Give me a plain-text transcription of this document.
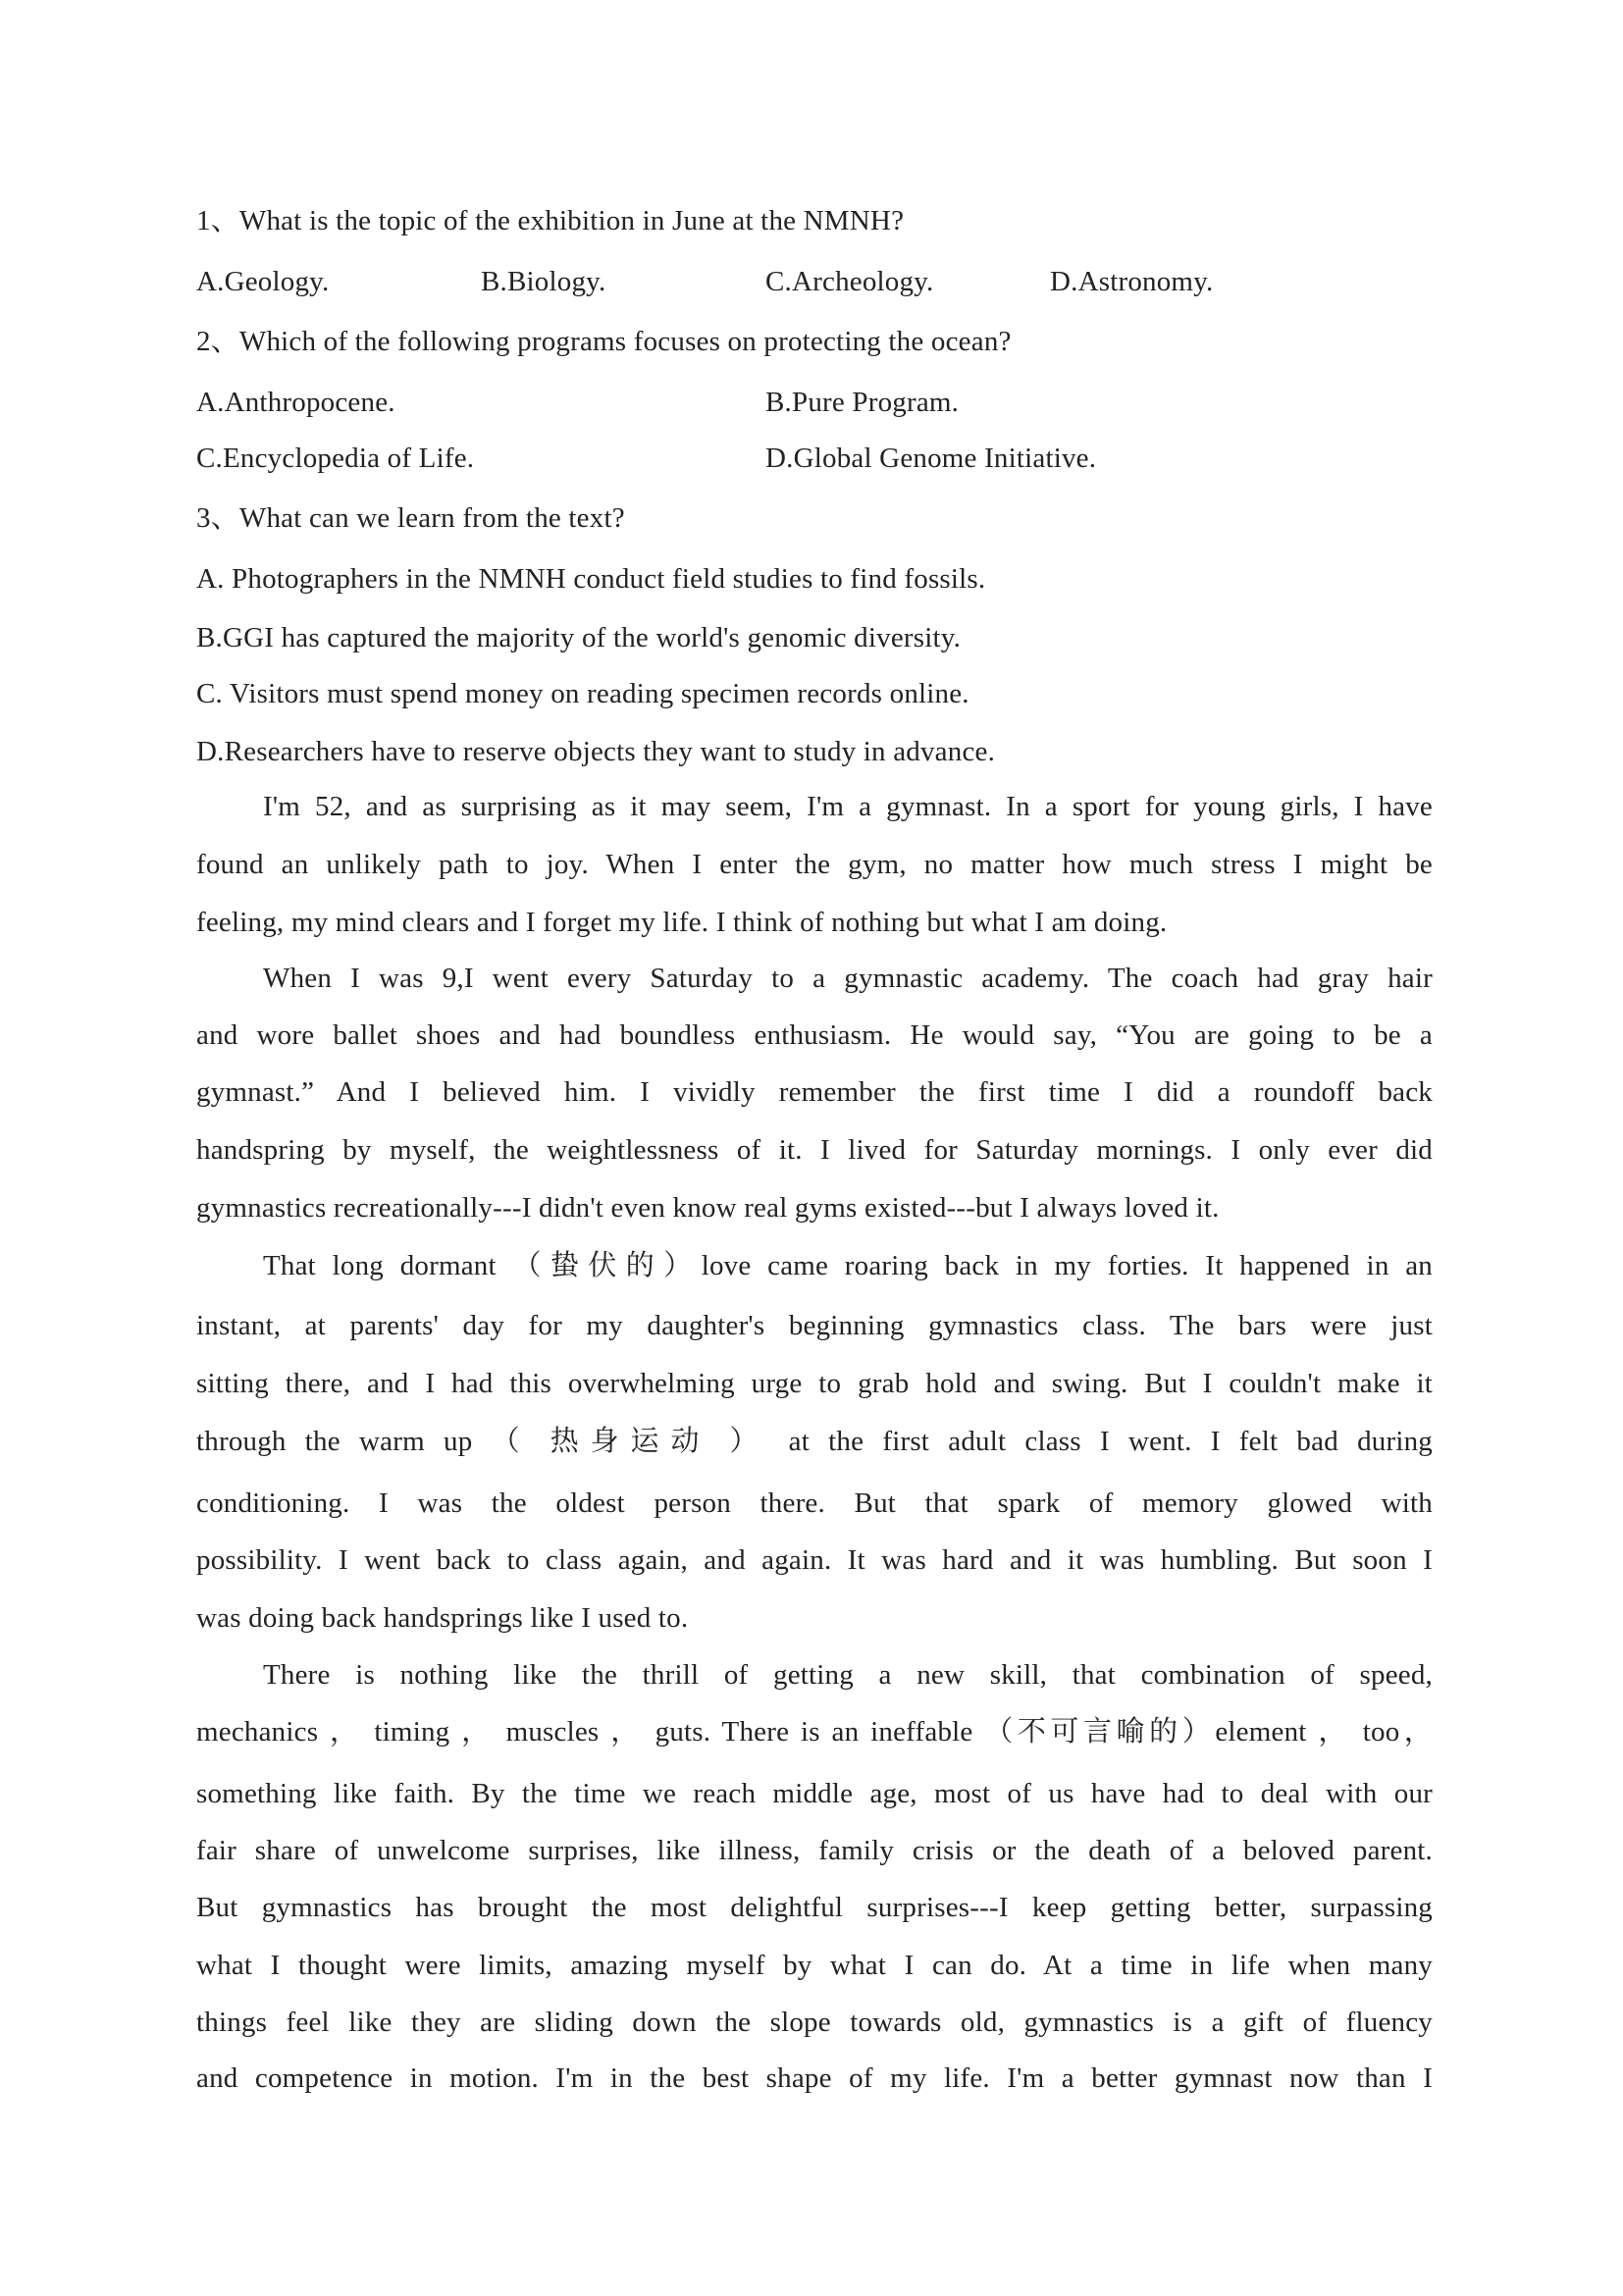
1、What is the topic of the exhibition in June at the NMNH?
A.Geology.	B.Biology.	C.Archeology.	D.Astronomy.
2、Which of the following programs focuses on protecting the ocean?
A.Anthropocene.	B.Pure Program.
C.Encyclopedia of Life.	D.Global Genome Initiative.
3、What can we learn from the text?
A. Photographers in the NMNH conduct field studies to find fossils.
B.GGI has captured the majority of the world's genomic diversity.
C. Visitors must spend money on reading specimen records online.
D.Researchers have to reserve objects they want to study in advance.
I'm 52, and as surprising as it may seem, I'm a gymnast. In a sport for young girls, I have
found an unlikely path to joy. When I enter the gym, no matter how much stress I might be
feeling, my mind clears and I forget my life. I think of nothing but what I am doing.
When I was 9,I went every Saturday to a gymnastic academy. The coach had gray hair
and wore ballet shoes and had boundless enthusiasm. He would say, “You are going to be a
gymnast.” And I believed him. I vividly remember the first time I did a roundoff back
handspring by myself, the weightlessness of it. I lived for Saturday mornings. I only ever did
gymnastics recreationally---I didn't even know real gyms existed---but I always loved it.
That long dormant （蛰伏的）love came roaring back in my forties. It happened in an
instant, at parents' day for my daughter's beginning gymnastics class. The bars were just
sitting there, and I had this overwhelming urge to grab hold and swing. But I couldn't make it
through the warm up （ 热身运动 ） at the first adult class I went. I felt bad during
conditioning. I was the oldest person there. But that spark of memory glowed with
possibility. I went back to class again, and again. It was hard and it was humbling. But soon I
was doing back handsprings like I used to.
There is nothing like the thrill of getting a new skill, that combination of speed,
mechanics ， timing ， muscles ， guts. There is an ineffable （不可言喻的）element ， too，
something like faith. By the time we reach middle age, most of us have had to deal with our
fair share of unwelcome surprises, like illness, family crisis or the death of a beloved parent.
But gymnastics has brought the most delightful surprises---I keep getting better, surpassing
what I thought were limits, amazing myself by what I can do. At a time in life when many
things feel like they are sliding down the slope towards old, gymnastics is a gift of fluency
and competence in motion. I'm in the best shape of my life. I'm a better gymnast now than I
